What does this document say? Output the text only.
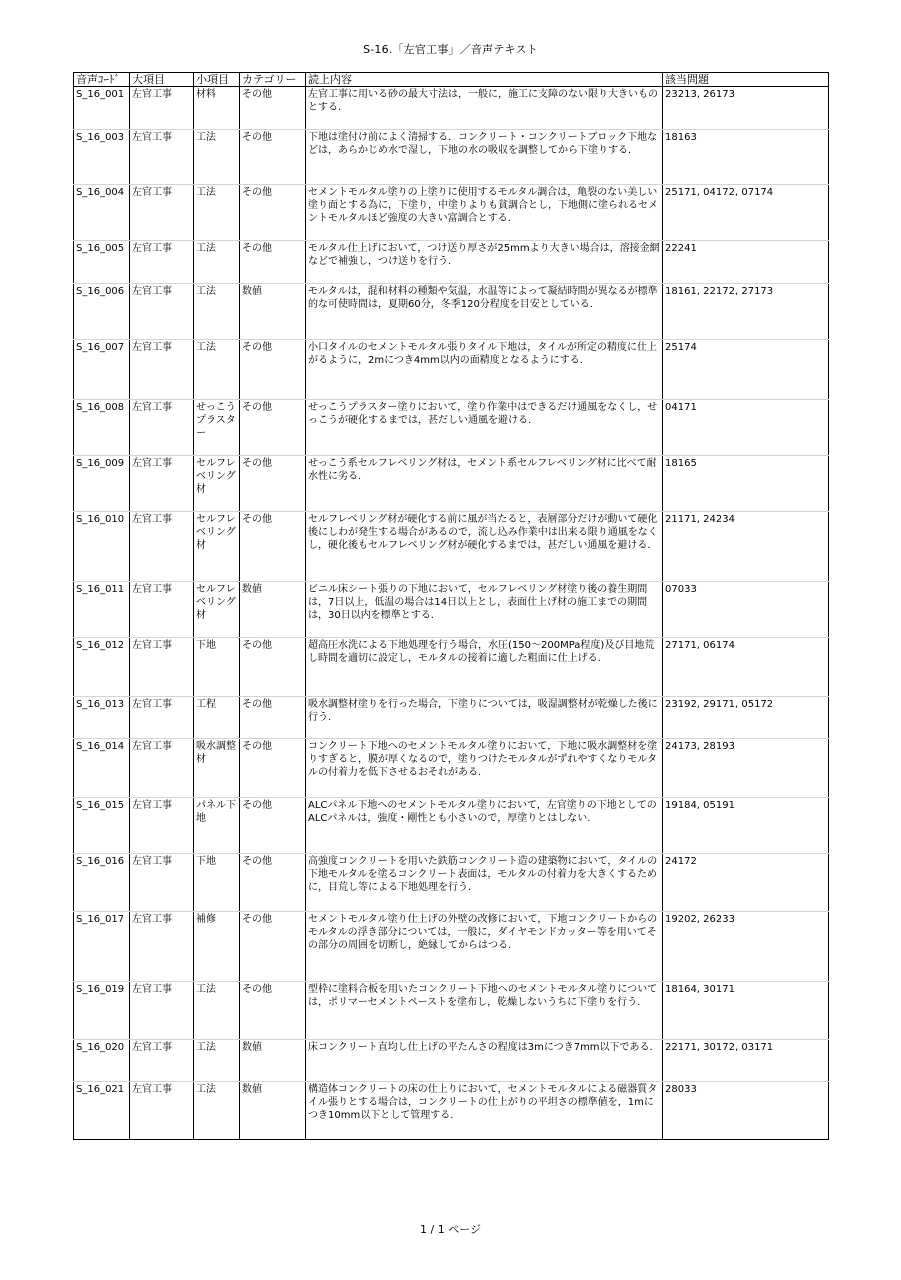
S-16.「左官工事」／音声テキスト
音声ｺｰﾄﾞ	大項目	小項目	カテゴリー	読上内容	該当問題
S_16_001	左官工事	材料	その他	左官工事に用いる砂の最大寸法は，一般に，施工に支障のない限り大きいものとする.	23213, 26173
S_16_003	左官工事	工法	その他	下地は塗付け前によく清掃する．コンクリート・コンクリートブロック下地などは，あらかじめ水で湿し，下地の水の吸収を調整してから下塗りする.	18163
S_16_004	左官工事	工法	その他	セメントモルタル塗りの上塗りに使用するモルタル調合は，亀裂のない美しい塗り面とする為に，下塗り，中塗りよりも貧調合とし，下地側に塗られるセメントモルタルほど強度の大きい富調合とする.	25171, 04172, 07174
S_16_005	左官工事	工法	その他	モルタル仕上げにおいて，つけ送り厚さが25mmより大きい場合は，溶接金網などで補強し，つけ送りを行う.	22241
S_16_006	左官工事	工法	数値	モルタルは，混和材料の種類や気温，水温等によって凝結時間が異なるが標準的な可使時間は，夏期60分，冬季120分程度を目安としている.	18161, 22172, 27173
S_16_007	左官工事	工法	その他	小口タイルのセメントモルタル張りタイル下地は，タイルが所定の精度に仕上がるように，2mにつき4mm以内の面精度となるようにする.	25174
S_16_008	左官工事	せっこうプラスター	その他	せっこうプラスター塗りにおいて，塗り作業中はできるだけ通風をなくし，せっこうが硬化するまでは，甚だしい通風を避ける.	04171
S_16_009	左官工事	セルフレベリング材	その他	せっこう系セルフレベリング材は，セメント系セルフレベリング材に比べて耐水性に劣る.	18165
S_16_010	左官工事	セルフレベリング材	その他	セルフレベリング材が硬化する前に風が当たると，表層部分だけが動いて硬化後にしわが発生する場合があるので，流し込み作業中は出来る限り通風をなくし，硬化後もセルフレベリング材が硬化するまでは，甚だしい通風を避ける.	21171, 24234
S_16_011	左官工事	セルフレベリング材	数値	ビニル床シート張りの下地において，セルフレベリング材塗り後の養生期間は，7日以上，低温の場合は14日以上とし，表面仕上げ材の施工までの期間は，30日以内を標準とする.	07033
S_16_012	左官工事	下地	その他	超高圧水洗による下地処理を行う場合，水圧(150～200MPa程度)及び目地荒し時間を適切に設定し，モルタルの接着に適した粗面に仕上げる.	27171, 06174
S_16_013	左官工事	工程	その他	吸水調整材塗りを行った場合，下塗りについては，吸湿調整材が乾燥した後に行う.	23192, 29171, 05172
S_16_014	左官工事	吸水調整材	その他	コンクリート下地へのセメントモルタル塗りにおいて，下地に吸水調整材を塗りすぎると，膜が厚くなるので，塗りつけたモルタルがずれやすくなりモルタルの付着力を低下させるおそれがある.	24173, 28193
S_16_015	左官工事	パネル下地	その他	ALCパネル下地へのセメントモルタル塗りにおいて，左官塗りの下地としてのALCパネルは，強度・剛性とも小さいので，厚塗りとはしない.	19184, 05191
S_16_016	左官工事	下地	その他	高強度コンクリートを用いた鉄筋コンクリート造の建築物において，タイルの下地モルタルを塗るコンクリート表面は，モルタルの付着力を大きくするために，目荒し等による下地処理を行う.	24172
S_16_017	左官工事	補修	その他	セメントモルタル塗り仕上げの外壁の改修において，下地コンクリートからのモルタルの浮き部分については，一般に，ダイヤモンドカッター等を用いてその部分の周囲を切断し，絶縁してからはつる.	19202, 26233
S_16_019	左官工事	工法	その他	型枠に塗料合板を用いたコンクリート下地へのセメントモルタル塗りについては，ポリマーセメントペーストを塗布し，乾燥しないうちに下塗りを行う.	18164, 30171
S_16_020	左官工事	工法	数値	床コンクリート直均し仕上げの平たんさの程度は3mにつき7mm以下である.	22171, 30172, 03171
S_16_021	左官工事	工法	数値	構造体コンクリートの床の仕上りにおいて，セメントモルタルによる磁器質タイル張りとする場合は，コンクリートの仕上がりの平坦さの標準値を，1mにつき10mm以下として管理する.	28033
1 / 1 ページ
